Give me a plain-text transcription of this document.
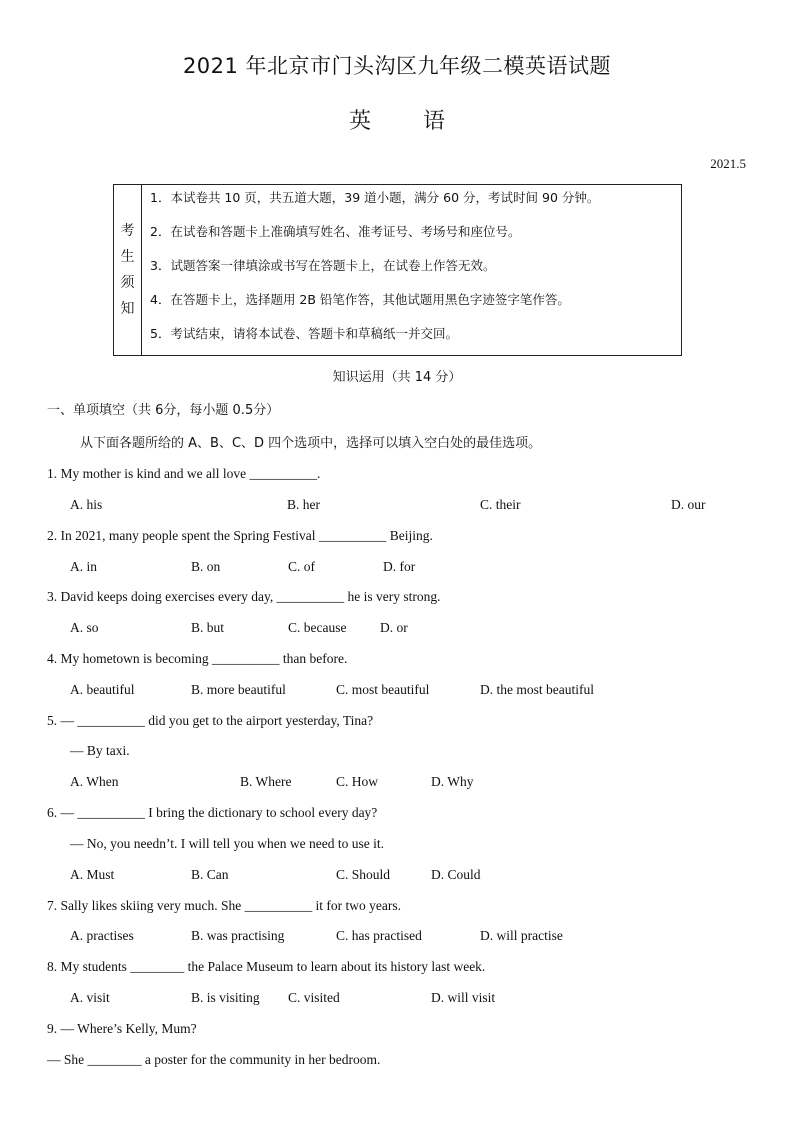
2021 年北京市门头沟区九年级二模英语试题
英 语
2021.5
考
生
须
知
1．本试卷共 10 页，共五道大题，39 道小题，满分 60 分，考试时间 90 分钟。
2．在试卷和答题卡上准确填写姓名、准考证号、考场号和座位号。
3．试题答案一律填涂或书写在答题卡上，在试卷上作答无效。
4．在答题卡上，选择题用 2B 铅笔作答，其他试题用黑色字迹签字笔作答。
5．考试结束，请将本试卷、答题卡和草稿纸一并交回。
知识运用（共 14 分）
一、单项填空（共 6分，每小题 0.5分）
从下面各题所给的 A、B、C、D 四个选项中，选择可以填入空白处的最佳选项。
1. My mother is kind and we all love __________.
A. his	B. her	C. their	D. our
2. In 2021, many people spent the Spring Festival __________ Beijing.
A. in	B. on	C. of	D. for
3. David keeps doing exercises every day, __________ he is very strong.
A. so	B. but	C. because D. or
4. My hometown is becoming __________ than before.
A. beautiful	B. more beautiful	C. most beautiful	D. the most beautiful
5. — __________ did you get to the airport yesterday, Tina?
— By taxi.
A. When	B. Where	C. How	D. Why
6. — __________ I bring the dictionary to school every day?
— No, you needn’t. I will tell you when we need to use it.
A. Must	B. Can	C. Should	D. Could
7. Sally likes skiing very much. She __________ it for two years.
A. practises	B. was practising	C. has practised	D. will practise
8. My students ________ the Palace Museum to learn about its history last week.
A. visit	B. is visiting C. visited	D. will visit
9. — Where’s Kelly, Mum?
— She ________ a poster for the community in her bedroom.
